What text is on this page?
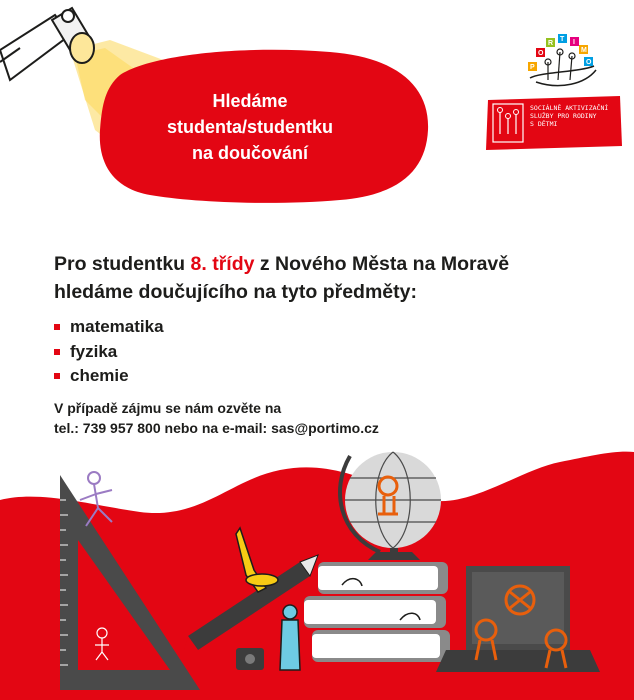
P
O
R
T I
M
O
Hledáme
studenta/studentku
na doučování
SOCIÁLNĚ AKTIVIZAČNÍ
SLUŽBY PRO RODINY
S DĚTMI
Pro studentku 8. třídy z Nového Města na Moravě
hledáme doučujícího na tyto předměty:
matematika
fyzika
chemie
V případě zájmu se nám ozvěte na
tel.: 739 957 800 nebo na e-mail: sas@portimo.cz
